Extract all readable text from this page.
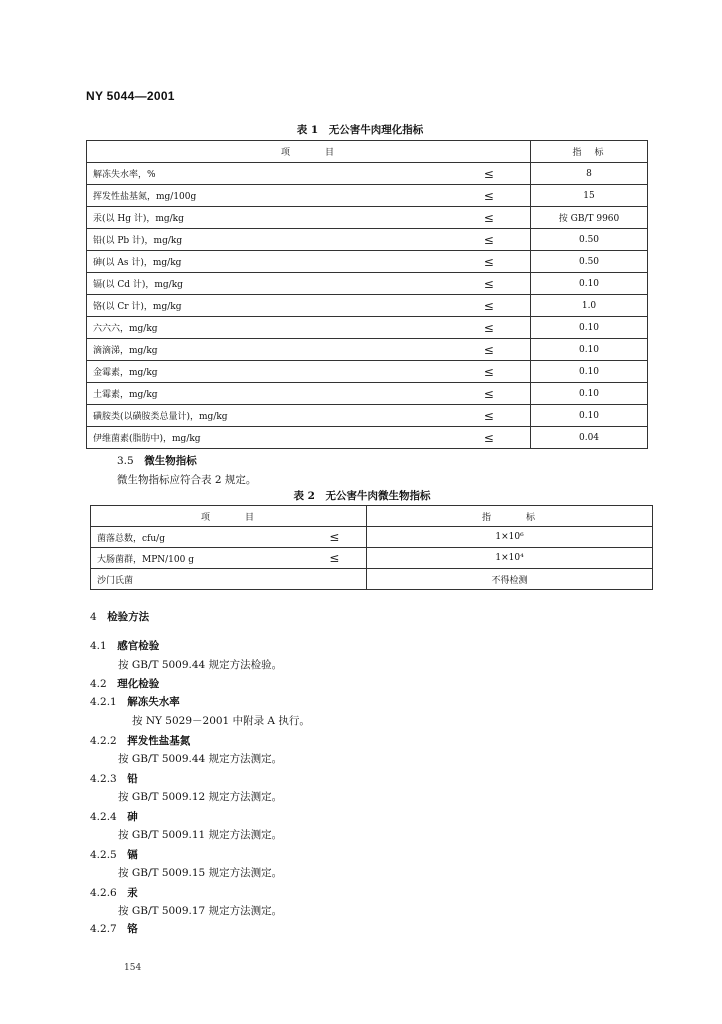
NY 5044—2001
表 1　无公害牛肉理化指标
项　　　目		指　标
解冻失水率，%	≤	8
挥发性盐基氮，mg/100g	≤	15
汞(以 Hg 计)，mg/kg	≤	按 GB/T 9960
铅(以 Pb 计)，mg/kg	≤	0.50
砷(以 As 计)，mg/kg	≤	0.50
镉(以 Cd 计)，mg/kg	≤	0.10
铬(以 Cr 计)，mg/kg	≤	1.0
六六六，mg/kg	≤	0.10
滴滴涕，mg/kg	≤	0.10
金霉素，mg/kg	≤	0.10
土霉素，mg/kg	≤	0.10
磺胺类(以磺胺类总量计)，mg/kg	≤	0.10
伊维菌素(脂肪中)，mg/kg	≤	0.04
3.5　 微生物指标
微生物指标应符合表 2 规定。
表 2　无公害牛肉微生物指标
项　　　目		指　　　标
菌落总数，cfu/g	≤	1×10⁶
大肠菌群，MPN/100 g	≤	1×10⁴
沙门氏菌		不得检测
4　 检验方法
4.1　 感官检验
按 GB/T 5009.44 规定方法检验。
4.2　 理化检验
4.2.1　 解冻失水率
按 NY 5029－2001 中附录 A 执行。
4.2.2　 挥发性盐基氮
按 GB/T 5009.44 规定方法测定。
4.2.3　 铅
按 GB/T 5009.12 规定方法测定。
4.2.4　 砷
按 GB/T 5009.11 规定方法测定。
4.2.5　 镉
按 GB/T 5009.15 规定方法测定。
4.2.6　 汞
按 GB/T 5009.17 规定方法测定。
4.2.7　 铬
154
